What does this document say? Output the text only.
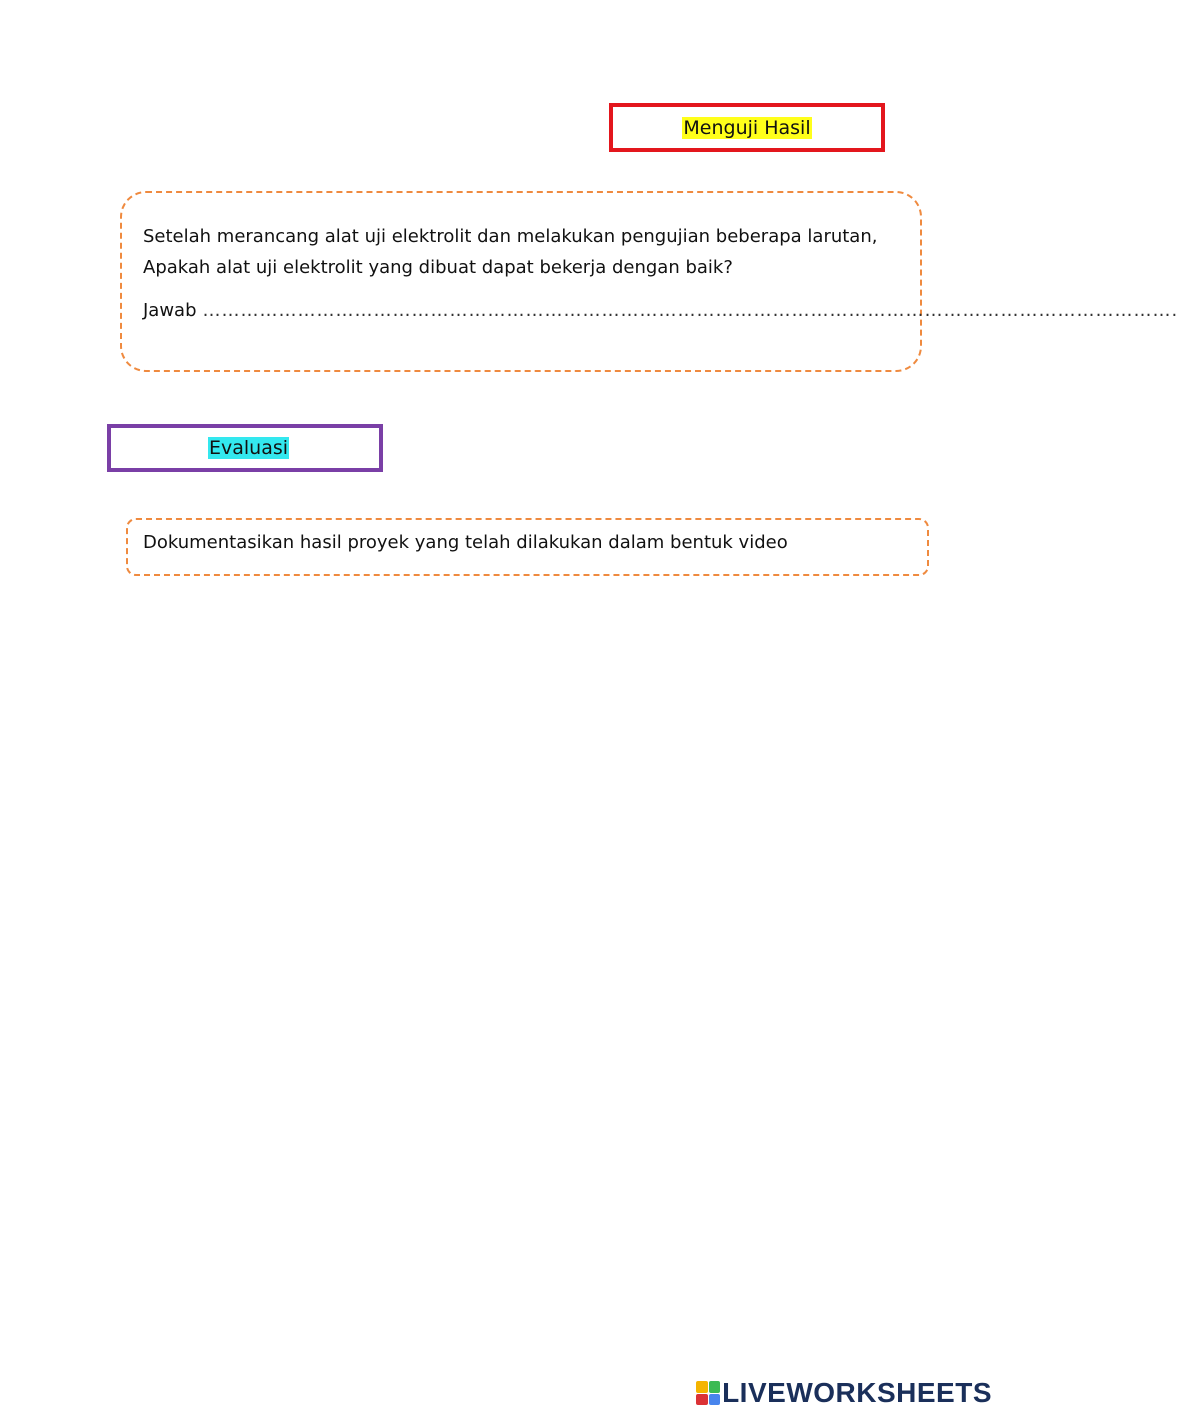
Menguji Hasil
Setelah merancang alat uji elektrolit dan melakukan pengujian beberapa larutan,
Apakah alat uji elektrolit yang dibuat dapat bekerja dengan baik?
Jawab ……………………………………………………………………………………………………………………………………….
Evaluasi
Dokumentasikan hasil proyek yang telah dilakukan dalam bentuk video
LIVEWORKSHEETS
